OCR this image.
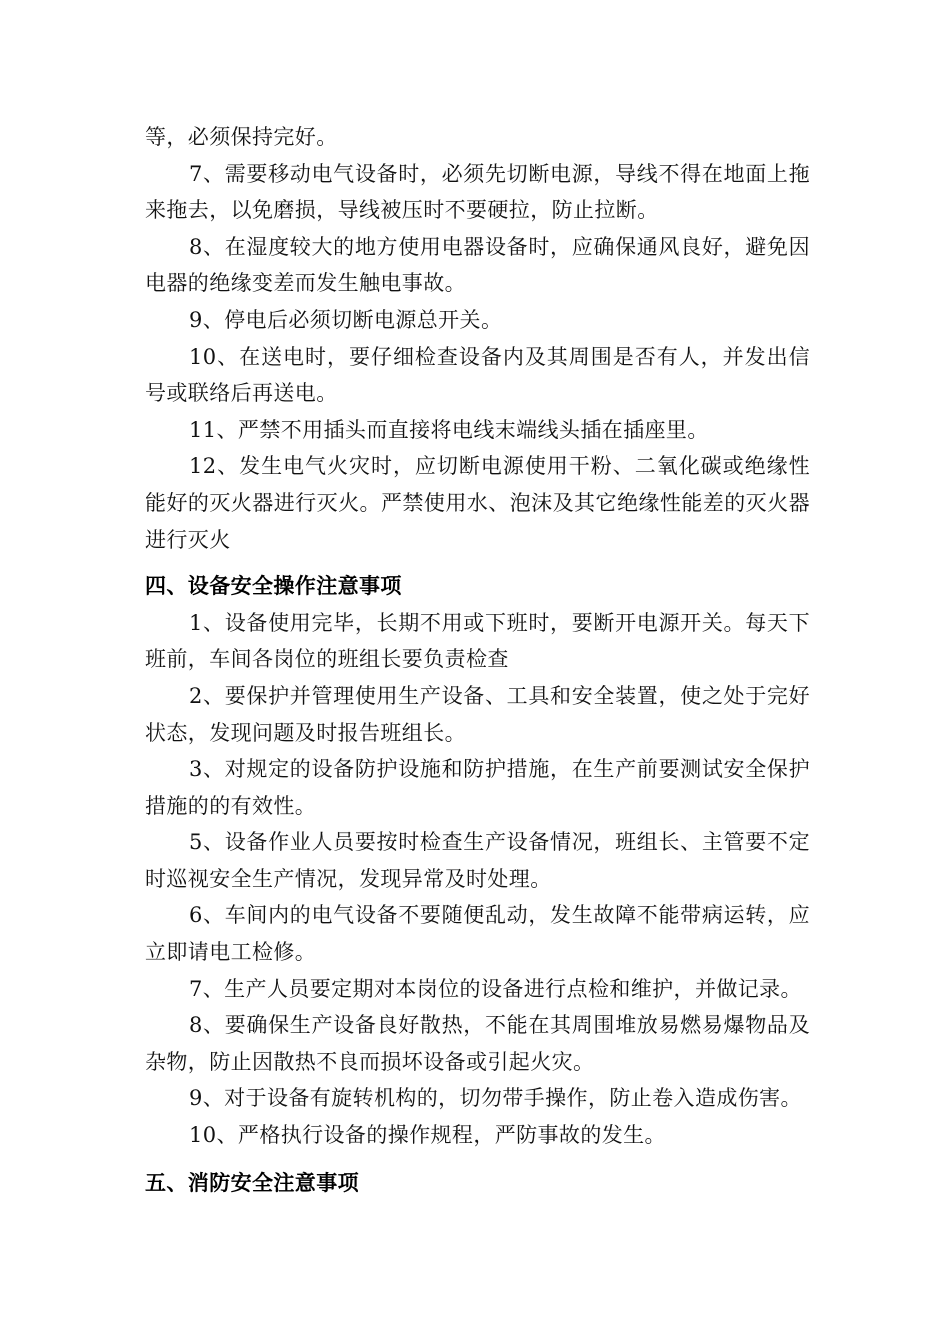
等，必须保持完好。

7、需要移动电气设备时，必须先切断电源，导线不得在地面上拖来拖去，以免磨损，导线被压时不要硬拉，防止拉断。

8、在湿度较大的地方使用电器设备时，应确保通风良好，避免因电器的绝缘变差而发生触电事故。

9、停电后必须切断电源总开关。

10、在送电时，要仔细检查设备内及其周围是否有人，并发出信号或联络后再送电。

11、严禁不用插头而直接将电线末端线头插在插座里。

12、发生电气火灾时，应切断电源使用干粉、二氧化碳或绝缘性能好的灭火器进行灭火。严禁使用水、泡沫及其它绝缘性能差的灭火器进行灭火

四、设备安全操作注意事项

1、设备使用完毕，长期不用或下班时，要断开电源开关。每天下班前，车间各岗位的班组长要负责检查

2、要保护并管理使用生产设备、工具和安全装置，使之处于完好状态，发现问题及时报告班组长。

3、对规定的设备防护设施和防护措施，在生产前要测试安全保护措施的的有效性。

5、设备作业人员要按时检查生产设备情况，班组长、主管要不定时巡视安全生产情况，发现异常及时处理。

6、车间内的电气设备不要随便乱动，发生故障不能带病运转，应立即请电工检修。

7、生产人员要定期对本岗位的设备进行点检和维护，并做记录。

8、要确保生产设备良好散热，不能在其周围堆放易燃易爆物品及杂物，防止因散热不良而损坏设备或引起火灾。

9、对于设备有旋转机构的，切勿带手操作，防止卷入造成伤害。

10、严格执行设备的操作规程，严防事故的发生。

五、消防安全注意事项
